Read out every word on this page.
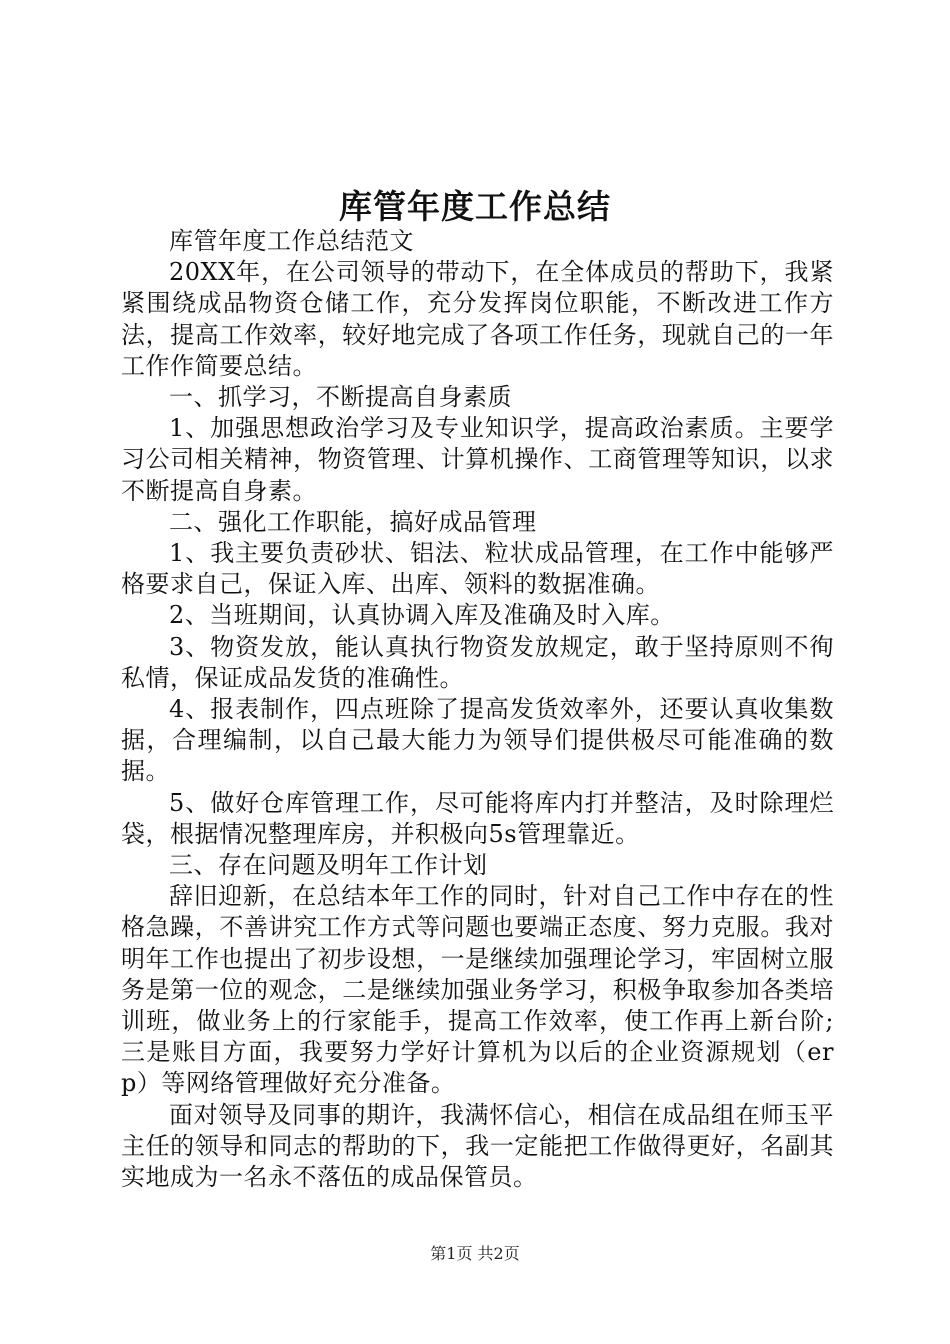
库管年度工作总结

库管年度工作总结范文

20XX年，在公司领导的带动下，在全体成员的帮助下，我紧紧围绕成品物资仓储工作，充分发挥岗位职能，不断改进工作方法，提高工作效率，较好地完成了各项工作任务，现就自己的一年工作作简要总结。

一、抓学习，不断提高自身素质

1、加强思想政治学习及专业知识学，提高政治素质。主要学习公司相关精神，物资管理、计算机操作、工商管理等知识，以求不断提高自身素。

二、强化工作职能，搞好成品管理

1、我主要负责砂状、铝法、粒状成品管理，在工作中能够严格要求自己，保证入库、出库、领料的数据准确。

2、当班期间，认真协调入库及准确及时入库。

3、物资发放，能认真执行物资发放规定，敢于坚持原则不徇私情，保证成品发货的准确性。

4、报表制作，四点班除了提高发货效率外，还要认真收集数据，合理编制，以自己最大能力为领导们提供极尽可能准确的数据。

5、做好仓库管理工作，尽可能将库内打并整洁，及时除理烂袋，根据情况整理库房，并积极向5s管理靠近。

三、存在问题及明年工作计划

辞旧迎新，在总结本年工作的同时，针对自己工作中存在的性格急躁，不善讲究工作方式等问题也要端正态度、努力克服。我对明年工作也提出了初步设想，一是继续加强理论学习，牢固树立服务是第一位的观念，二是继续加强业务学习，积极争取参加各类培训班，做业务上的行家能手，提高工作效率，使工作再上新台阶;三是账目方面，我要努力学好计算机为以后的企业资源规划（erp）等网络管理做好充分准备。

面对领导及同事的期许，我满怀信心，相信在成品组在师玉平主任的领导和同志的帮助的下，我一定能把工作做得更好，名副其实地成为一名永不落伍的成品保管员。

第1页 共2页
